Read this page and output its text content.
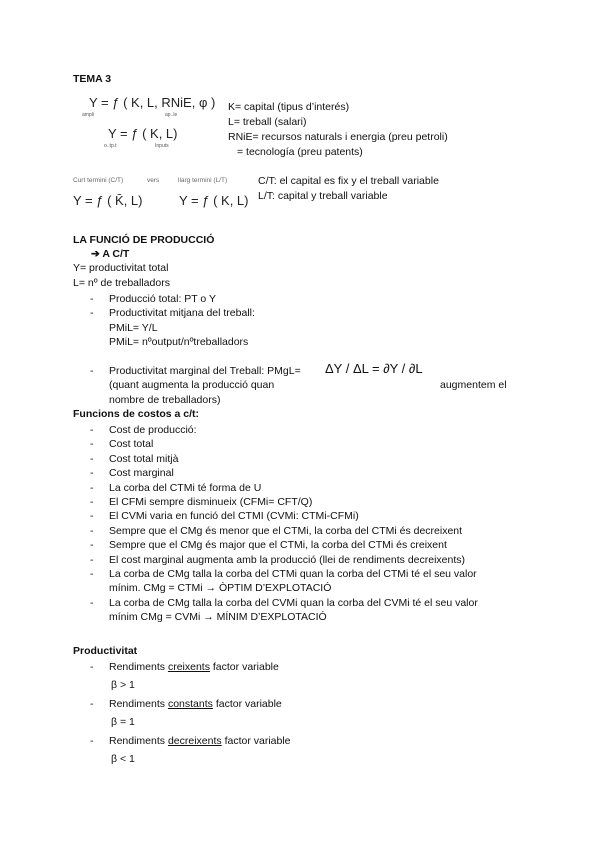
TEMA 3
Y = ƒ ( K, L, RNiE, φ )
ampli	ap..le
Y = ƒ ( K, L)
o..tp.t	Inputs
K= capital (tipus d’interés)
L= treball (salari)
RNiE= recursos naturals i energia (preu petroli)
= tecnología (preu patents)
Curt termini (C/T)	vers	llarg termini (L/T)
Y = ƒ ( K̄, L)	Y = ƒ ( K, L)
C/T: el capital es fix y el treball variable
L/T: capital y treball variable
LA FUNCIÓ DE PRODUCCIÓ
➔ A C/T
Y= productivitat total
L= nº de treballadors
- Producció total: PT o Y
- Productivitat mitjana del treball:
PMiL= Y/L
PMiL= nºoutput/nºtreballadors
- Productivitat marginal del Treball: PMgL= ΔY / ΔL = ∂Y / ∂L
(quant augmenta la producció quan	augmentem el
nombre de treballadors)
Funcions de costos a c/t:
- Cost de producció:
- Cost total
- Cost total mitjà
- Cost marginal
- La corba del CTMi té forma de U
- El CFMi sempre disminueix (CFMi= CFT/Q)
- El CVMi varia en funció del CTMI (CVMi: CTMi-CFMi)
- Sempre que el CMg és menor que el CTMi, la corba del CTMi és decreixent
- Sempre que el CMg és major que el CTMi, la corba del CTMi és creixent
- El cost marginal augmenta amb la producció (llei de rendiments decreixents)
- La corba de CMg talla la corba del CTMi quan la corba del CTMi té el seu valor
mínim. CMg = CTMi → ÒPTIM D’EXPLOTACIÓ
- La corba de CMg talla la corba del CVMi quan la corba del CVMi té el seu valor
mínim CMg = CVMi → MÍNIM D’EXPLOTACIÓ
Productivitat
- Rendiments creixents factor variable
β > 1
- Rendiments constants factor variable
β = 1
- Rendiments decreixents factor variable
β < 1
